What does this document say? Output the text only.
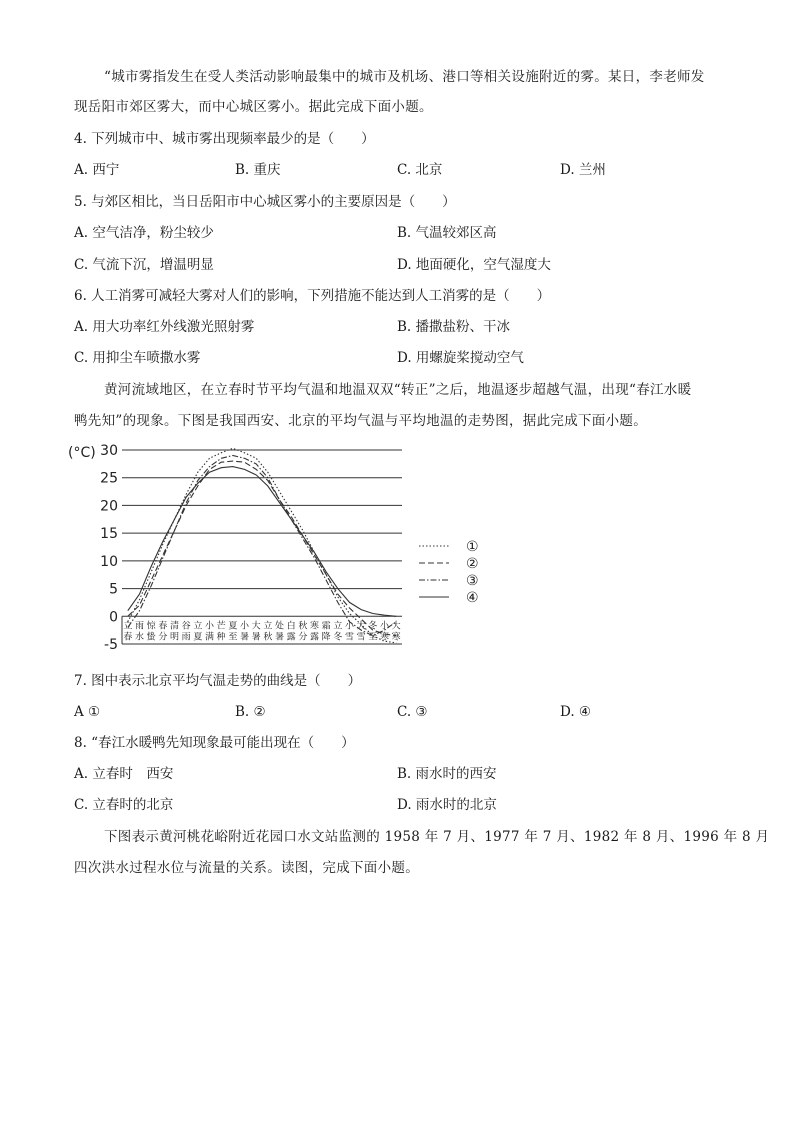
“城市雾指发生在受人类活动影响最集中的城市及机场、港口等相关设施附近的雾。某日，李老师发
现岳阳市郊区雾大，而中心城区雾小。据此完成下面小题。
4. 下列城市中、城市雾出现频率最少的是（　　）
A. 西宁	B. 重庆	C. 北京	D. 兰州
5. 与郊区相比，当日岳阳市中心城区雾小的主要原因是（　　）
A. 空气洁净，粉尘较少	B. 气温较郊区高
C. 气流下沉，增温明显	D. 地面硬化，空气湿度大
6. 人工消雾可减轻大雾对人们的影响，下列措施不能达到人工消雾的是（　　）
A. 用大功率红外线激光照射雾	B. 播撒盐粉、干冰
C. 用抑尘车喷撒水雾	D. 用螺旋桨搅动空气
黄河流域地区，在立春时节平均气温和地温双双“转正”之后，地温逐步超越气温，出现“春江水暖
鸭先知”的现象。下图是我国西安、北京的平均气温与平均地温的走势图，据此完成下面小题。
30
25
20
15
10
5
0
-5
(°C)
立 雨 惊 春 清 谷 立 小 芒 夏 小 大 立 处 白 秋 寒 霜 立 小 大 冬 小 大
春 水 蛰 分 明 雨 夏 满 种 至 暑 暑 秋 暑 露 分 露 降 冬 雪 雪 至 寒 寒
①
②
③
④
7. 图中表示北京平均气温走势的曲线是（　　）
A ①	B. ②	C. ③	D. ④
8. “春江水暖鸭先知现象最可能出现在（　　）
A. 立春时　西安	B. 雨水时的西安
C. 立春时的北京	D. 雨水时的北京
下图表示黄河桃花峪附近花园口水文站监测的 1958 年 7 月、1977 年 7 月、1982 年 8 月、1996 年 8 月
四次洪水过程水位与流量的关系。读图，完成下面小题。
